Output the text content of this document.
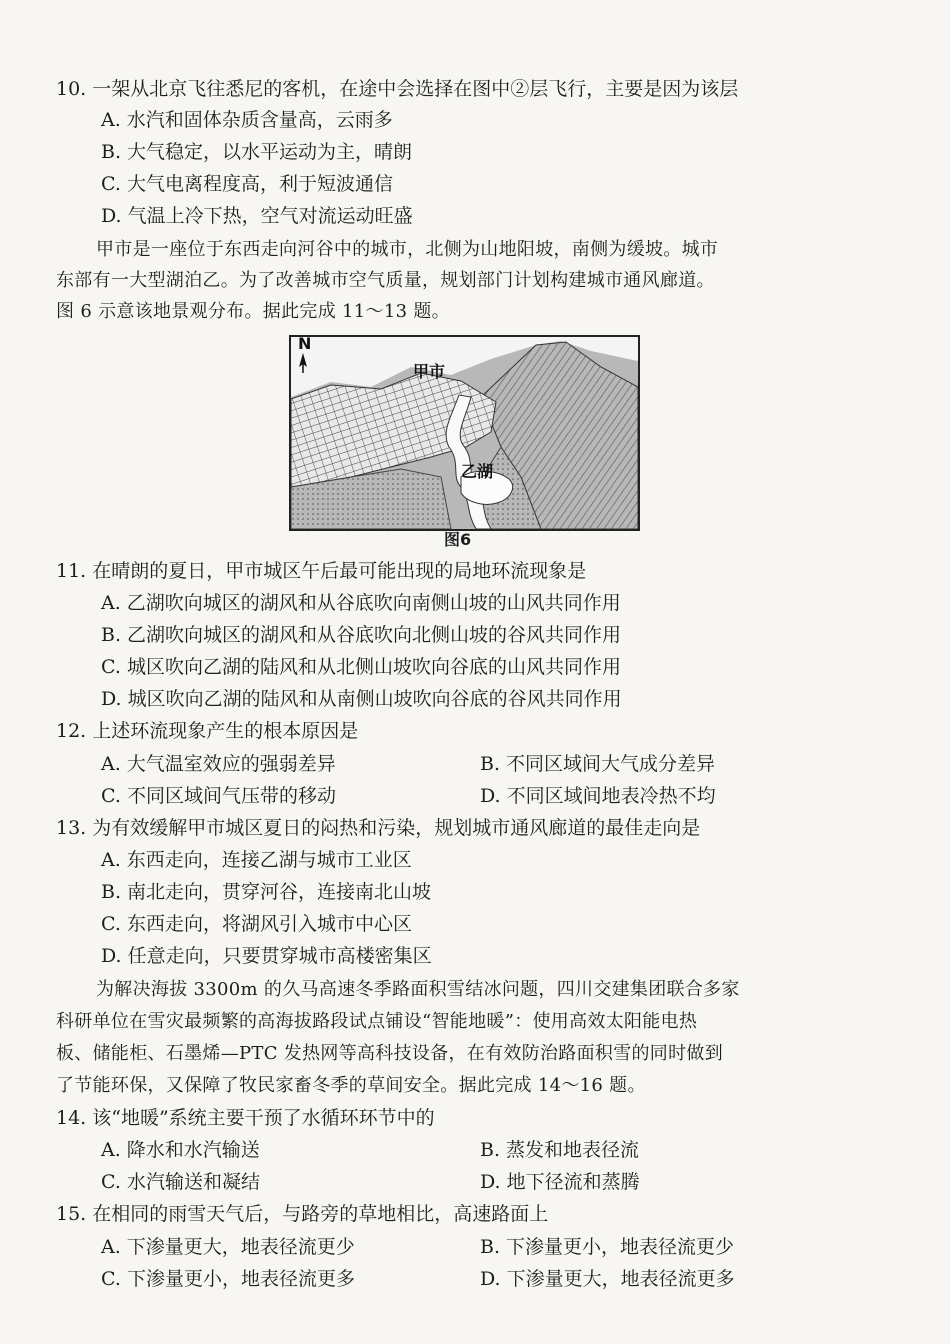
10. 一架从北京飞往悉尼的客机，在途中会选择在图中②层飞行，主要是因为该层
A. 水汽和固体杂质含量高，云雨多
B. 大气稳定，以水平运动为主，晴朗
C. 大气电离程度高，利于短波通信
D. 气温上冷下热，空气对流运动旺盛
甲市是一座位于东西走向河谷中的城市，北侧为山地阳坡，南侧为缓坡。城市
东部有一大型湖泊乙。为了改善城市空气质量，规划部门计划构建城市通风廊道。
图 6 示意该地景观分布。据此完成 11～13 题。
N
甲市
乙湖
图6
11. 在晴朗的夏日，甲市城区午后最可能出现的局地环流现象是
A. 乙湖吹向城区的湖风和从谷底吹向南侧山坡的山风共同作用
B. 乙湖吹向城区的湖风和从谷底吹向北侧山坡的谷风共同作用
C. 城区吹向乙湖的陆风和从北侧山坡吹向谷底的山风共同作用
D. 城区吹向乙湖的陆风和从南侧山坡吹向谷底的谷风共同作用
12. 上述环流现象产生的根本原因是
A. 大气温室效应的强弱差异	B. 不同区域间大气成分差异
C. 不同区域间气压带的移动	D. 不同区域间地表冷热不均
13. 为有效缓解甲市城区夏日的闷热和污染，规划城市通风廊道的最佳走向是
A. 东西走向，连接乙湖与城市工业区
B. 南北走向，贯穿河谷，连接南北山坡
C. 东西走向，将湖风引入城市中心区
D. 任意走向，只要贯穿城市高楼密集区
为解决海拔 3300m 的久马高速冬季路面积雪结冰问题，四川交建集团联合多家
科研单位在雪灾最频繁的高海拔路段试点铺设“智能地暖”：使用高效太阳能电热
板、储能柜、石墨烯—PTC 发热网等高科技设备，在有效防治路面积雪的同时做到
了节能环保，又保障了牧民家畜冬季的草间安全。据此完成 14～16 题。
14. 该“地暖”系统主要干预了水循环环节中的
A. 降水和水汽输送	B. 蒸发和地表径流
C. 水汽输送和凝结	D. 地下径流和蒸腾
15. 在相同的雨雪天气后，与路旁的草地相比，高速路面上
A. 下渗量更大，地表径流更少	B. 下渗量更小，地表径流更少
C. 下渗量更小，地表径流更多	D. 下渗量更大，地表径流更多
